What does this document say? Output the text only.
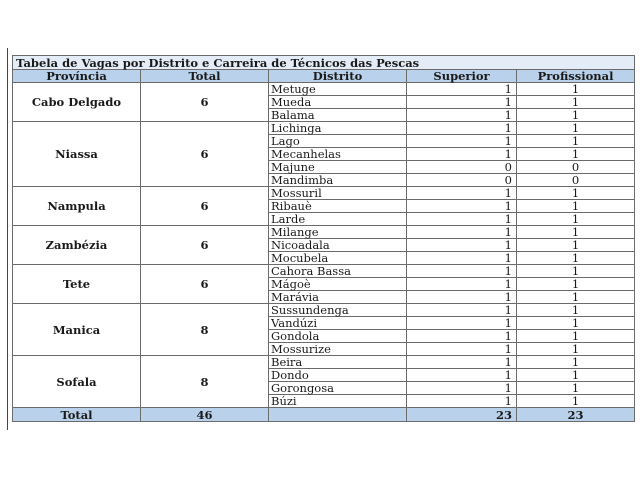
Tabela de Vagas por Distrito e Carreira de Técnicos das Pescas				
Província	Total	Distrito	Superior	Profissional
Cabo Delgado	6	Metuge	1	1
		Mueda	1	1
		Balama	1	1
Niassa	6	Lichinga	1	1
		Lago	1	1
		Mecanhelas	1	1
		Majune	0	0
		Mandimba	0	0
Nampula	6	Mossuril	1	1
		Ribauè	1	1
		Larde	1	1
Zambézia	6	Milange	1	1
		Nicoadala	1	1
		Mocubela	1	1
Tete	6	Cahora Bassa	1	1
		Mágoè	1	1
		Marávia	1	1
Manica	8	Sussundenga	1	1
		Vandúzi	1	1
		Gondola	1	1
		Mossurize	1	1
Sofala	8	Beira	1	1
		Dondo	1	1
		Gorongosa	1	1
		Búzi	1	1
Total	46		23	23
